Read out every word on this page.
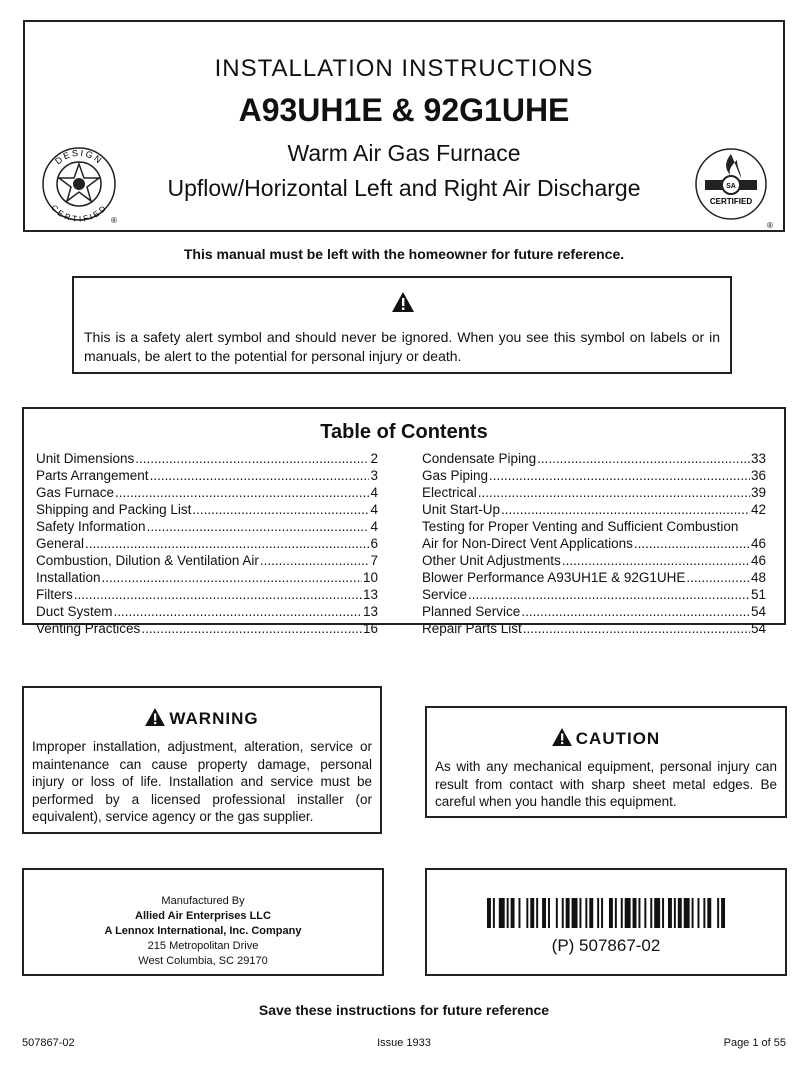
INSTALLATION INSTRUCTIONS
A93UH1E & 92G1UHE
Warm Air Gas Furnace
Upflow/Horizontal Left and Right Air Discharge
DESIGN
CERTIFIED
®
SA
CERTIFIED
®
This manual must be left with the homeowner for future reference.
This is a safety alert symbol and should never be ignored. When you see this symbol on labels or in manuals, be alert to the potential for personal injury or death.
Table of Contents
Unit Dimensions .....	2
Parts Arrangement .....	3
Gas Furnace .....	4
Shipping and Packing List .....	4
Safety Information .....	4
General .....	6
Combustion, Dilution & Ventilation Air .....	7
Installation .....	10
Filters .....	13
Duct System .....	13
Venting Practices .....	16
Condensate Piping .....	33
Gas Piping .....	36
Electrical .....	39
Unit Start-Up .....	42
Testing for Proper Venting and Sufficient Combustion
Air for Non-Direct Vent Applications .....	46
Other Unit Adjustments .....	46
Blower Performance A93UH1E & 92G1UHE .....	48
Service .....	51
Planned Service .....	54
Repair Parts List .....	54
WARNING
Improper installation, adjustment, alteration, service or maintenance can cause property damage, personal injury or loss of life. Installation and service must be performed by a licensed professional installer (or equivalent), service agency or the gas supplier.
CAUTION
As with any mechanical equipment, personal injury can result from contact with sharp sheet metal edges. Be careful when you handle this equipment.
Manufactured By
Allied Air Enterprises LLC
A Lennox International, Inc. Company
215 Metropolitan Drive
West Columbia, SC 29170
(P) 507867-02
Save these instructions for future reference
507867-02	Issue 1933	Page 1 of 55
